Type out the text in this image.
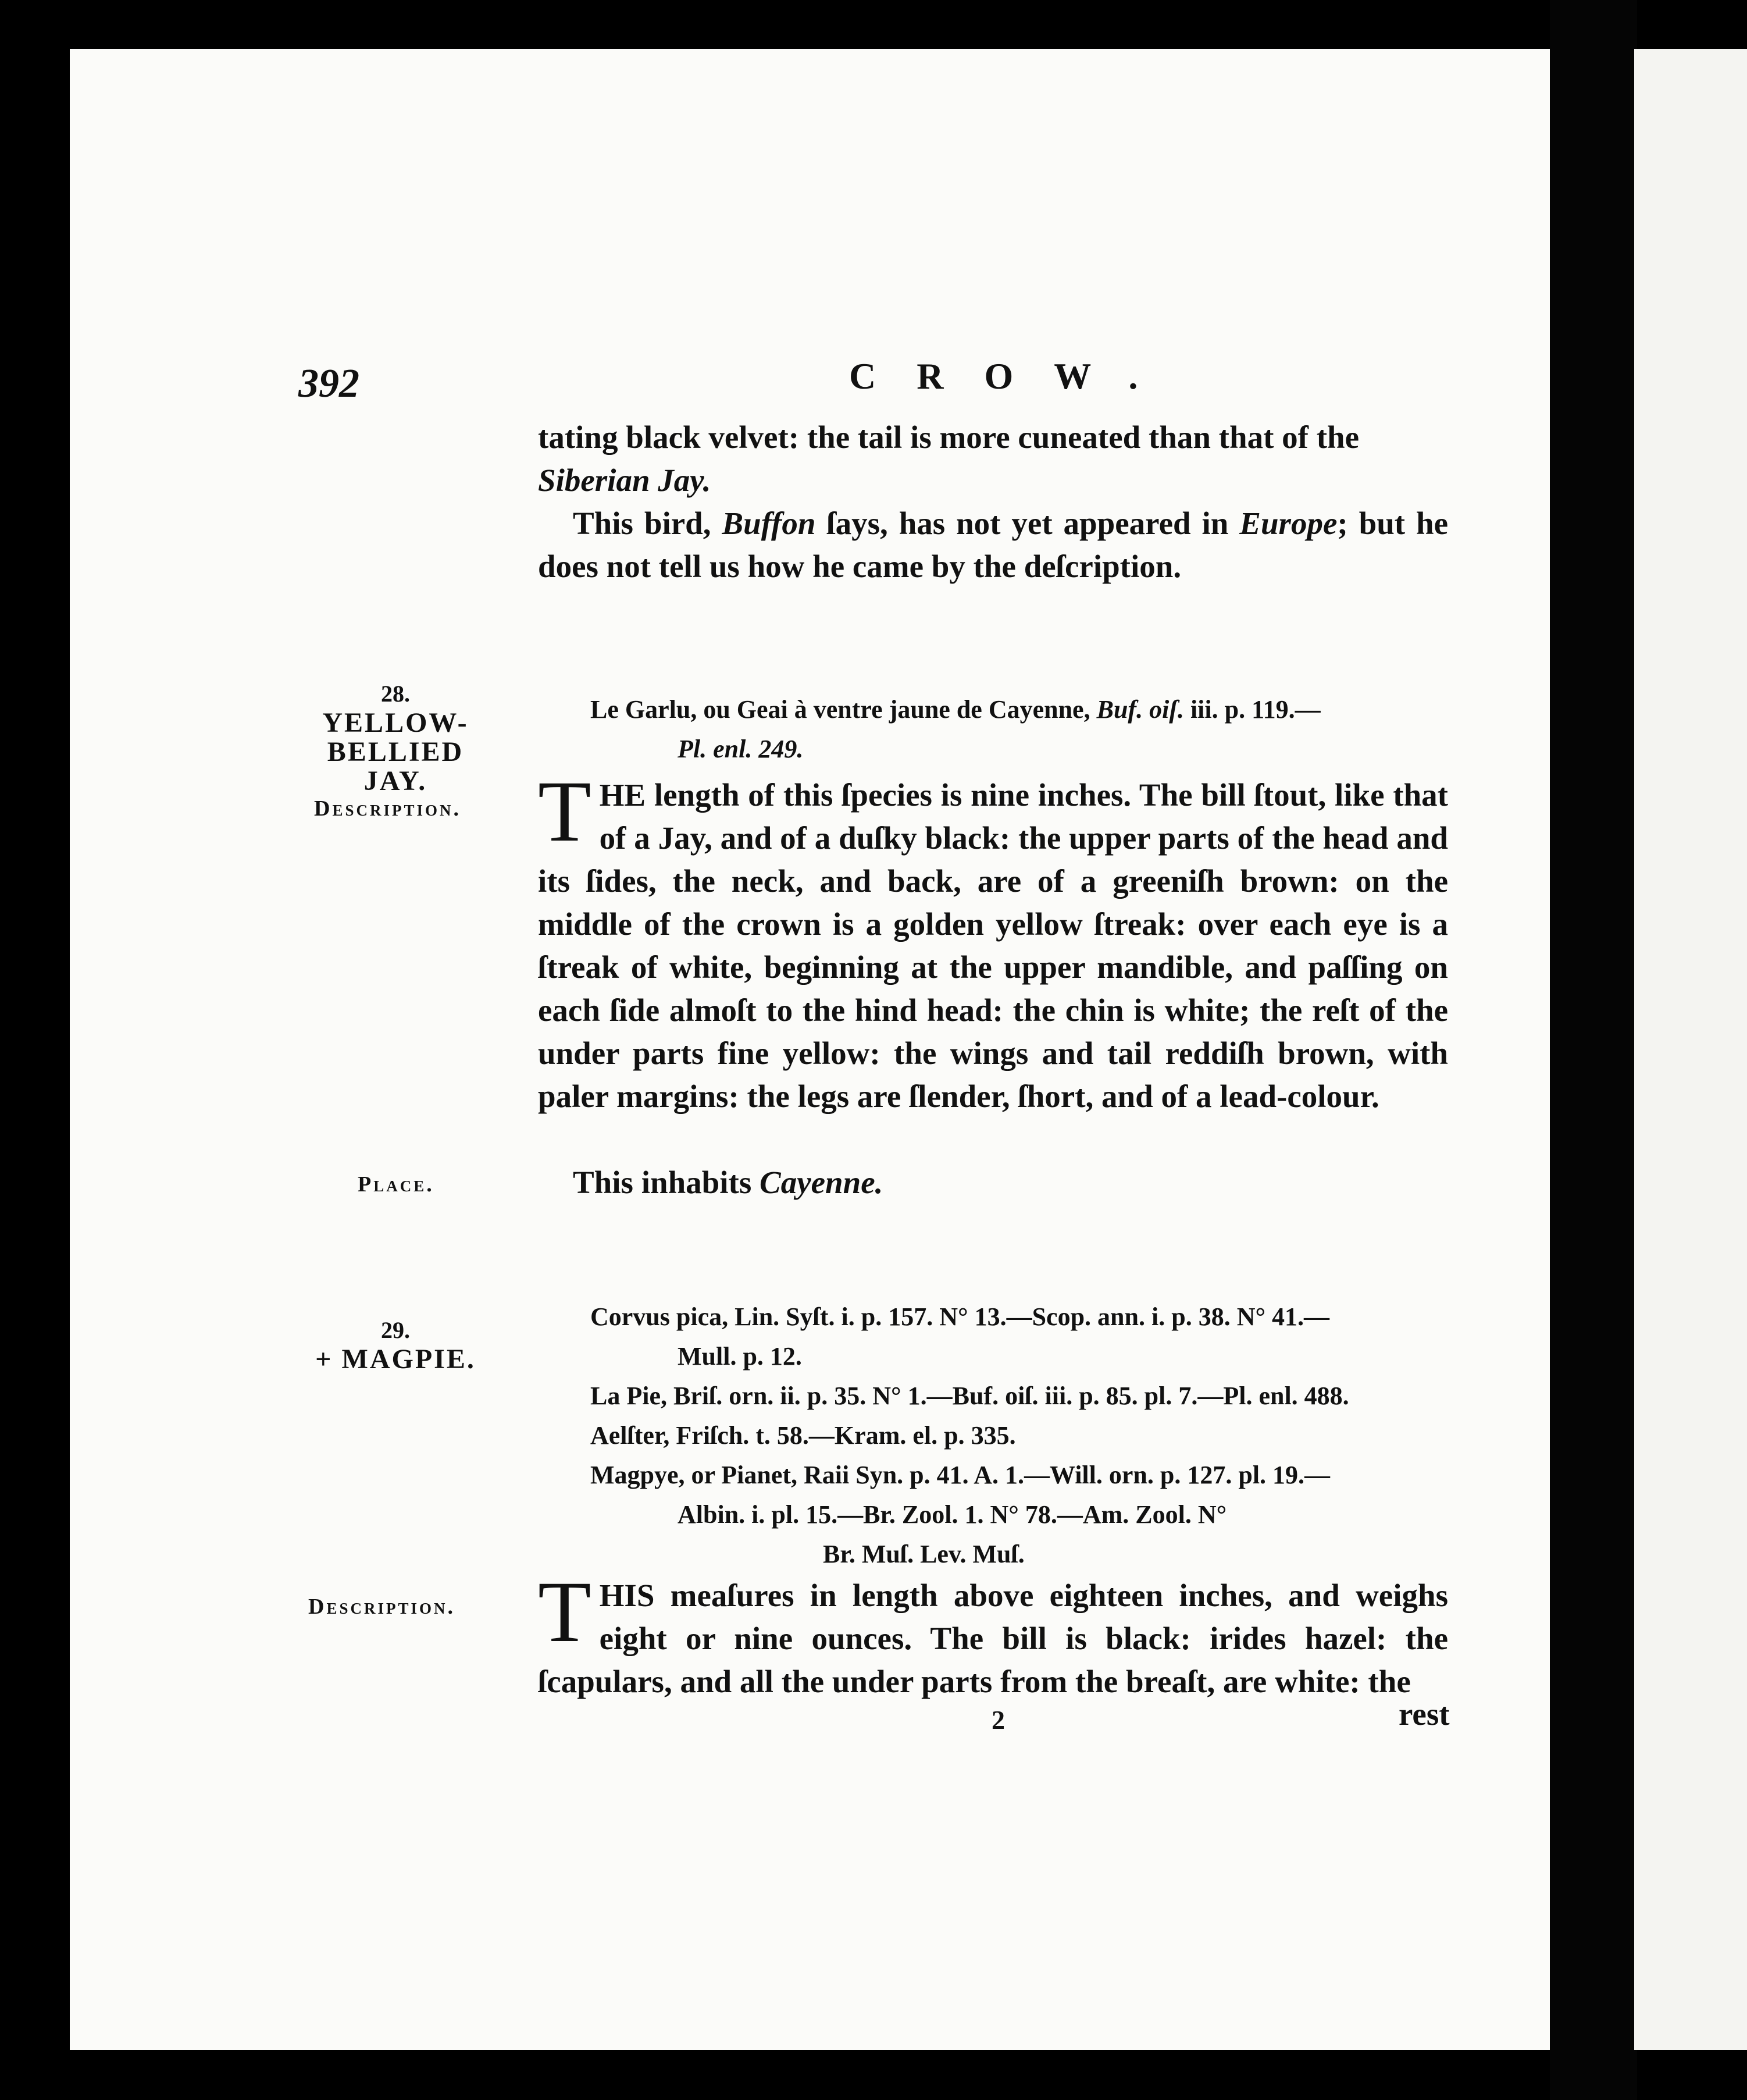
392	CROW.

tating black velvet: the tail is more cuneated than that of the

Siberian Jay.

This bird, Buffon ſays, has not yet appeared in Europe; but he does not tell us how he came by the deſcription.

28.
YELLOW-BELLIED JAY.
Description.
Place.
Le Garlu, ou Geai à ventre jaune de Cayenne, Buf. oiſ. iii. p. 119.—
Pl. enl. 249.

THE length of this ſpecies is nine inches. The bill ſtout, like that of a Jay, and of a duſky black: the upper parts of the head and its ſides, the neck, and back, are of a greeniſh brown: on the middle of the crown is a golden yellow ſtreak: over each eye is a ſtreak of white, beginning at the upper mandible, and paſſing on each ſide almoſt to the hind head: the chin is white; the reſt of the under parts fine yellow: the wings and tail reddiſh brown, with paler margins: the legs are ſlender, ſhort, and of a lead-colour.

This inhabits Cayenne.

29.
+ MAGPIE.
Corvus pica, Lin. Syſt. i. p. 157. N° 13.—Scop. ann. i. p. 38. N° 41.—
Mull. p. 12.
La Pie, Briſ. orn. ii. p. 35. N° 1.—Buf. oiſ. iii. p. 85. pl. 7.—Pl. enl. 488.
Aelſter, Friſch. t. 58.—Kram. el. p. 335.
Magpye, or Pianet, Raii Syn. p. 41. A. 1.—Will. orn. p. 127. pl. 19.—
Albin. i. pl. 15.—Br. Zool. 1. N° 78.—Am. Zool. N°
Br. Muſ. Lev. Muſ.
Description. THIS meaſures in length above eighteen inches, and weighs eight or nine ounces. The bill is black: irides hazel: the ſcapulars, and all the under parts from the breaſt, are white: the

2	rest
